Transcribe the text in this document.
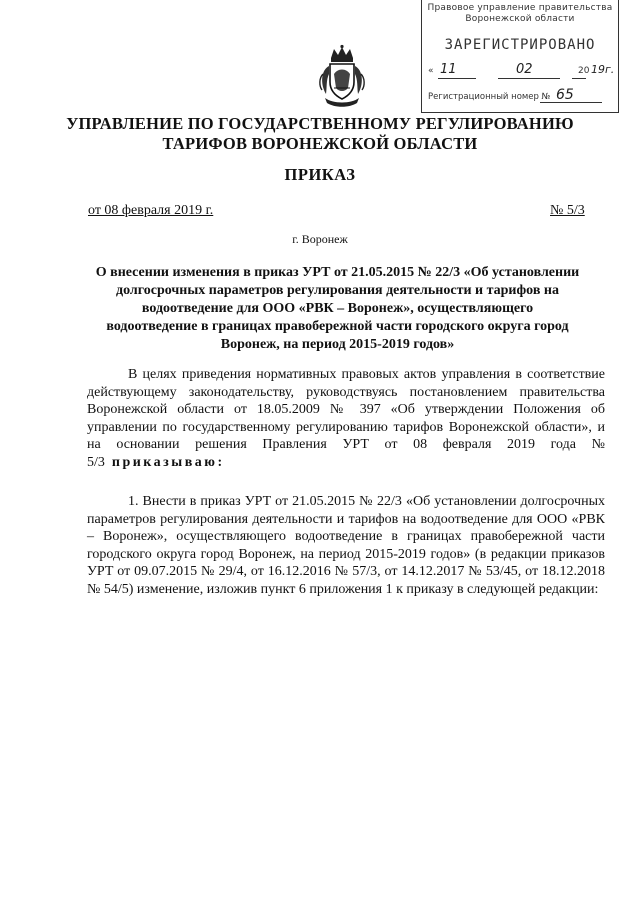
Правовое управление правительства
Воронежской области
ЗАРЕГИСТРИРОВАНО
« 11	02	20 19г.
Регистрационный номер № 65
УПРАВЛЕНИЕ ПО ГОСУДАРСТВЕННОМУ РЕГУЛИРОВАНИЮ
ТАРИФОВ ВОРОНЕЖСКОЙ ОБЛАСТИ
ПРИКАЗ
от 08 февраля 2019 г.	№ 5/3
г. Воронеж
О внесении изменения в приказ УРТ от 21.05.2015 № 22/3 «Об установлении долгосрочных параметров регулирования деятельности и тарифов на водоотведение для ООО «РВК – Воронеж», осуществляющего водоотведение в границах правобережной части городского округа город Воронеж, на период 2015-2019 годов»
В целях приведения нормативных правовых актов управления в соответствие действующему законодательству, руководствуясь постановлением правительства Воронежской области от 18.05.2009 № 397 «Об утверждении Положения об управлении по государственному регулированию тарифов Воронежской области», и на основании решения Правления УРТ от 08 февраля 2019 года № 5/3 приказываю:
1. Внести в приказ УРТ от 21.05.2015 № 22/3 «Об установлении долгосрочных параметров регулирования деятельности и тарифов на водоотведение для ООО «РВК – Воронеж», осуществляющего водоотведение в границах правобережной части городского округа город Воронеж, на период 2015-2019 годов» (в редакции приказов УРТ от 09.07.2015 № 29/4, от 16.12.2016 № 57/3, от 14.12.2017 № 53/45, от 18.12.2018 № 54/5) изменение, изложив пункт 6 приложения 1 к приказу в следующей редакции:
